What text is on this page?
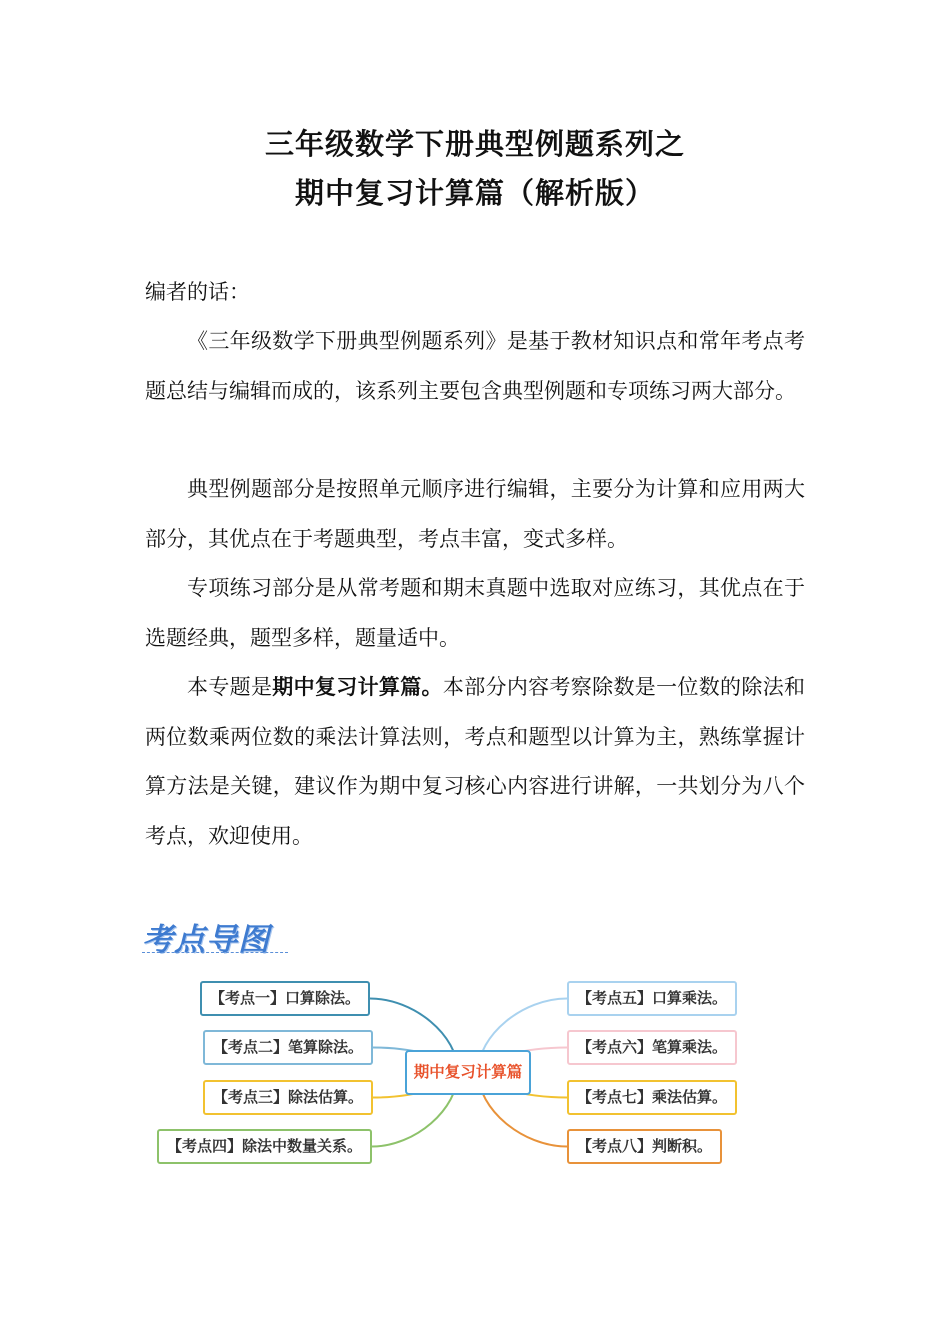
三年级数学下册典型例题系列之
期中复习计算篇（解析版）
编者的话：
《三年级数学下册典型例题系列》是基于教材知识点和常年考点考题总结与编辑而成的，该系列主要包含典型例题和专项练习两大部分。
典型例题部分是按照单元顺序进行编辑，主要分为计算和应用两大部分，其优点在于考题典型，考点丰富，变式多样。
专项练习部分是从常考题和期末真题中选取对应练习，其优点在于选题经典，题型多样，题量适中。
本专题是期中复习计算篇。本部分内容考察除数是一位数的除法和两位数乘两位数的乘法计算法则，考点和题型以计算为主，熟练掌握计算方法是关键，建议作为期中复习核心内容进行讲解，一共划分为八个考点，欢迎使用。
考点导图
期中复习计算篇
【考点一】口算除法。
【考点二】笔算除法。
【考点三】除法估算。
【考点四】除法中数量关系。
【考点五】口算乘法。
【考点六】笔算乘法。
【考点七】乘法估算。
【考点八】判断积。
